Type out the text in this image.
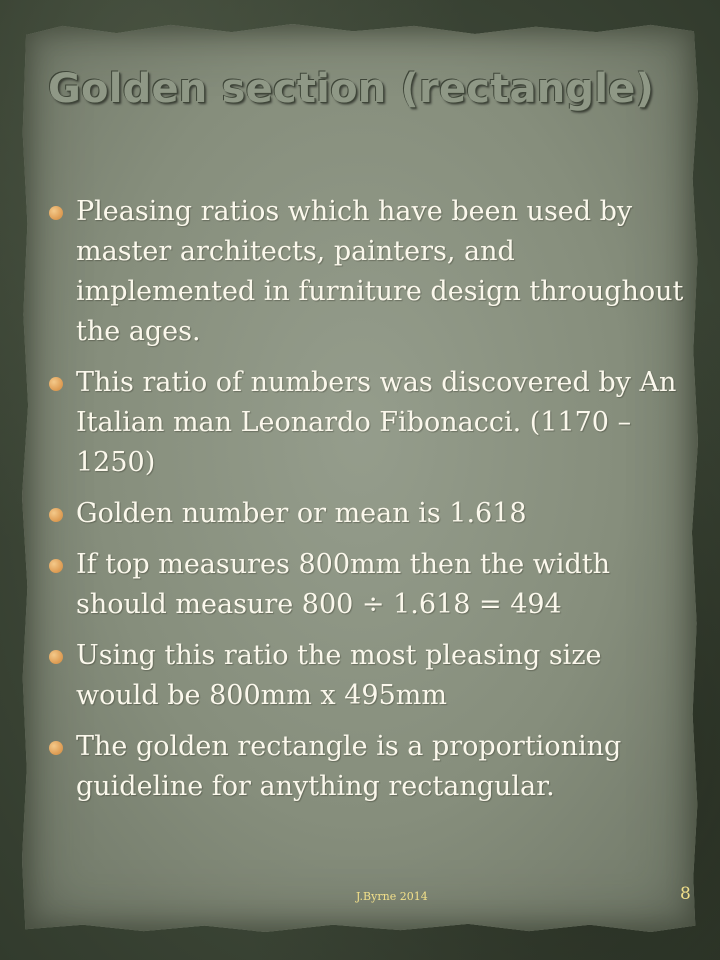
Golden section (rectangle)
Pleasing ratios which have been used by master architects, painters, and implemented in furniture design throughout the ages.
This ratio of numbers was discovered by An Italian man Leonardo Fibonacci. (1170 – 1250)
Golden number or mean is 1.618
If top measures 800mm then the width should measure 800 ÷ 1.618 = 494
Using this ratio the most pleasing size would be 800mm x 495mm
The golden rectangle is a proportioning guideline for anything rectangular.
J.Byrne 2014	8
